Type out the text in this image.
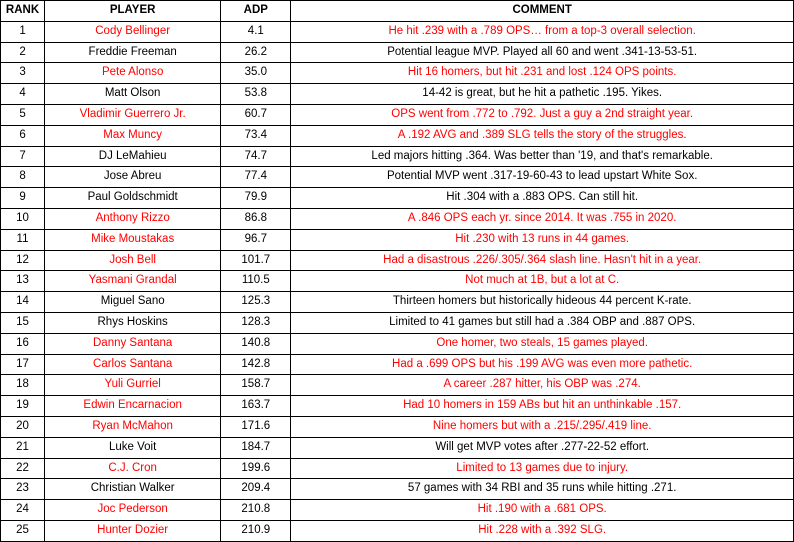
RANK	PLAYER	ADP	COMMENT
1	Cody Bellinger	4.1	He hit .239 with a .789 OPS… from a top-3 overall selection.
2	Freddie Freeman	26.2	Potential league MVP. Played all 60 and went .341-13-53-51.
3	Pete Alonso	35.0	Hit 16 homers, but hit .231 and lost .124 OPS points.
4	Matt Olson	53.8	14-42 is great, but he hit a pathetic .195. Yikes.
5	Vladimir Guerrero Jr.	60.7	OPS went from .772 to .792. Just a guy a 2nd straight year.
6	Max Muncy	73.4	A .192 AVG and .389 SLG tells the story of the struggles.
7	DJ LeMahieu	74.7	Led majors hitting .364. Was better than '19, and that's remarkable.
8	Jose Abreu	77.4	Potential MVP went .317-19-60-43 to lead upstart White Sox.
9	Paul Goldschmidt	79.9	Hit .304 with a .883 OPS. Can still hit.
10	Anthony Rizzo	86.8	A .846 OPS each yr. since 2014. It was .755 in 2020.
11	Mike Moustakas	96.7	Hit .230 with 13 runs in 44 games.
12	Josh Bell	101.7	Had a disastrous .226/.305/.364 slash line. Hasn't hit in a year.
13	Yasmani Grandal	110.5	Not much at 1B, but a lot at C.
14	Miguel Sano	125.3	Thirteen homers but historically hideous 44 percent K-rate.
15	Rhys Hoskins	128.3	Limited to 41 games but still had a .384 OBP and .887 OPS.
16	Danny Santana	140.8	One homer, two steals, 15 games played.
17	Carlos Santana	142.8	Had a .699 OPS but his .199 AVG was even more pathetic.
18	Yuli Gurriel	158.7	A career .287 hitter, his OBP was .274.
19	Edwin Encarnacion	163.7	Had 10 homers in 159 ABs but hit an unthinkable .157.
20	Ryan McMahon	171.6	Nine homers but with a .215/.295/.419 line.
21	Luke Voit	184.7	Will get MVP votes after .277-22-52 effort.
22	C.J. Cron	199.6	Limited to 13 games due to injury.
23	Christian Walker	209.4	57 games with 34 RBI and 35 runs while hitting .271.
24	Joc Pederson	210.8	Hit .190 with a .681 OPS.
25	Hunter Dozier	210.9	Hit .228 with a .392 SLG.
